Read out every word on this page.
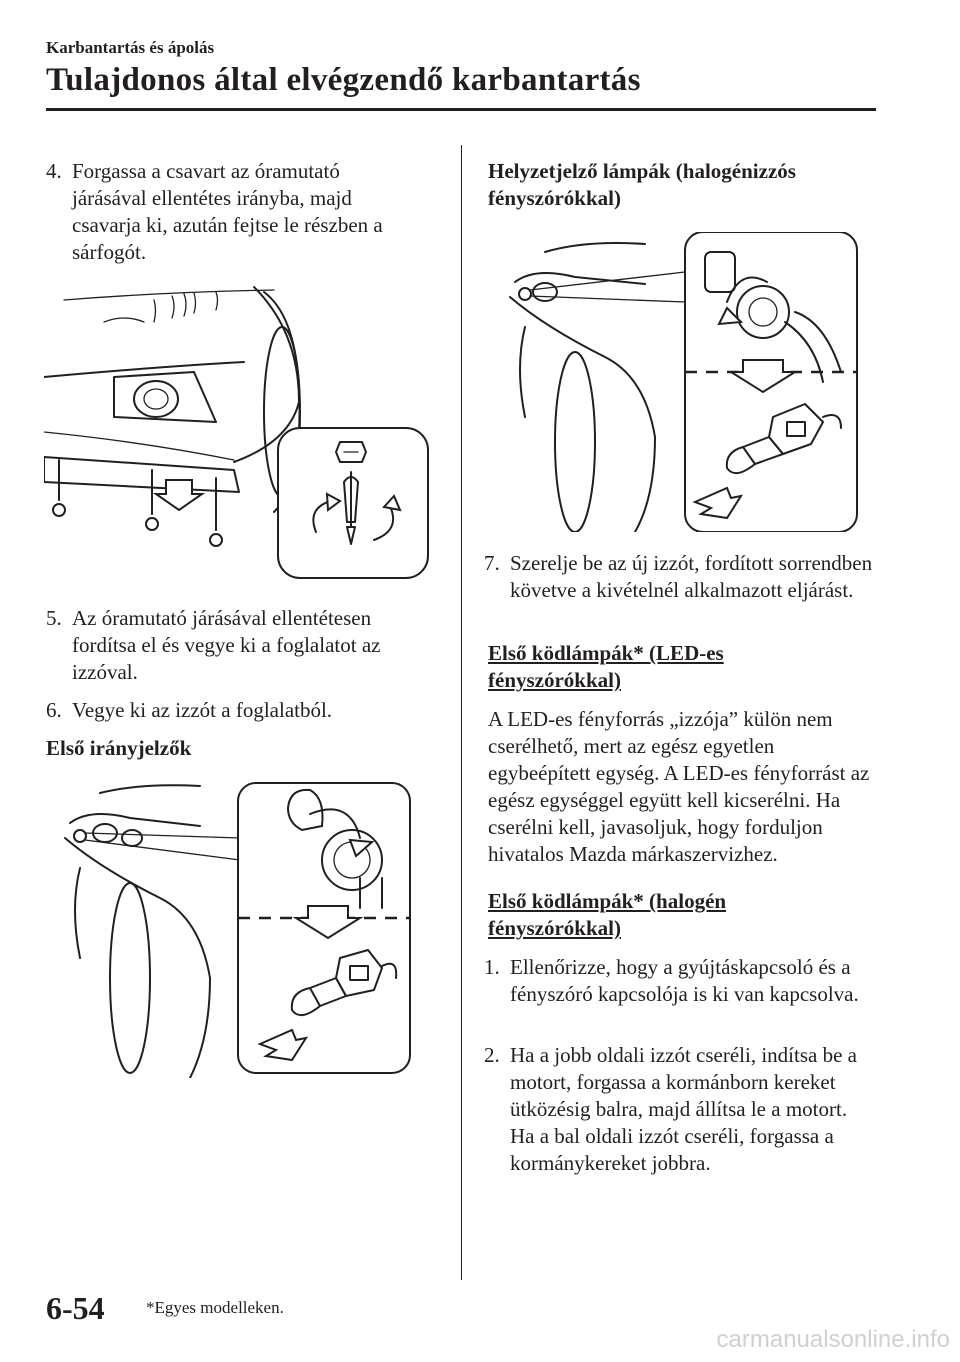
Karbantartás és ápolás
Tulajdonos által elvégzendő karbantartás
4. Forgassa a csavart az óramutató járásával ellentétes irányba, majd csavarja ki, azután fejtse le részben a sárfogót.
5. Az óramutató járásával ellentétesen fordítsa el és vegye ki a foglalatot az izzóval.
6. Vegye ki az izzót a foglalatból.
Első irányjelzők
Helyzetjelző lámpák (halogénizzós fényszórókkal)
7. Szerelje be az új izzót, fordított sorrendben követve a kivételnél alkalmazott eljárást.
Első ködlámpák* (LED-es fényszórókkal)
A LED-es fényforrás „izzója” külön nem cserélhető, mert az egész egyetlen egybeépített egység. A LED-es fényforrást az egész egységgel együtt kell kicserélni. Ha cserélni kell, javasoljuk, hogy forduljon hivatalos Mazda márkaszervizhez.
Első ködlámpák* (halogén fényszórókkal)
1. Ellenőrizze, hogy a gyújtáskapcsoló és a fényszóró kapcsolója is ki van kapcsolva.
2. Ha a jobb oldali izzót cseréli, indítsa be a motort, forgassa a kormánborn kereket ütközésig balra, majd állítsa le a motort. Ha a bal oldali izzót cseréli, forgassa a kormánykereket jobbra.
6-54 *Egyes modelleken.
carmanualsonline.info
